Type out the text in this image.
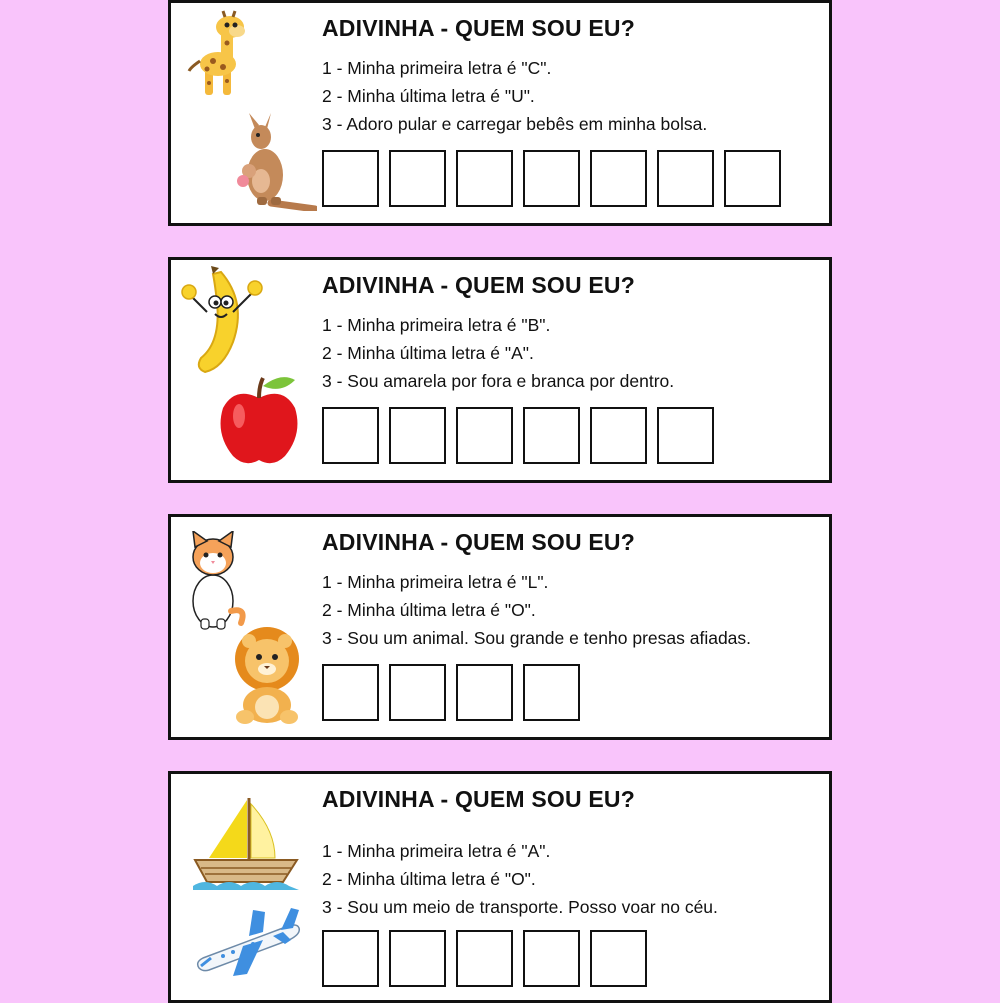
ADIVINHA - QUEM SOU EU?
1 - Minha primeira letra é "C".
2 - Minha última letra é "U".
3 - Adoro pular e carregar bebês em minha bolsa.
ADIVINHA - QUEM SOU EU?
1 - Minha primeira letra é "B".
2 - Minha última letra é "A".
3 - Sou amarela por fora e branca por dentro.
ADIVINHA - QUEM SOU EU?
1 - Minha primeira letra é "L".
2 - Minha última letra é "O".
3 - Sou um animal. Sou grande e tenho presas afiadas.
ADIVINHA - QUEM SOU EU?
1 - Minha primeira letra é "A".
2 - Minha última letra é "O".
3 - Sou um meio de transporte. Posso voar no céu.
